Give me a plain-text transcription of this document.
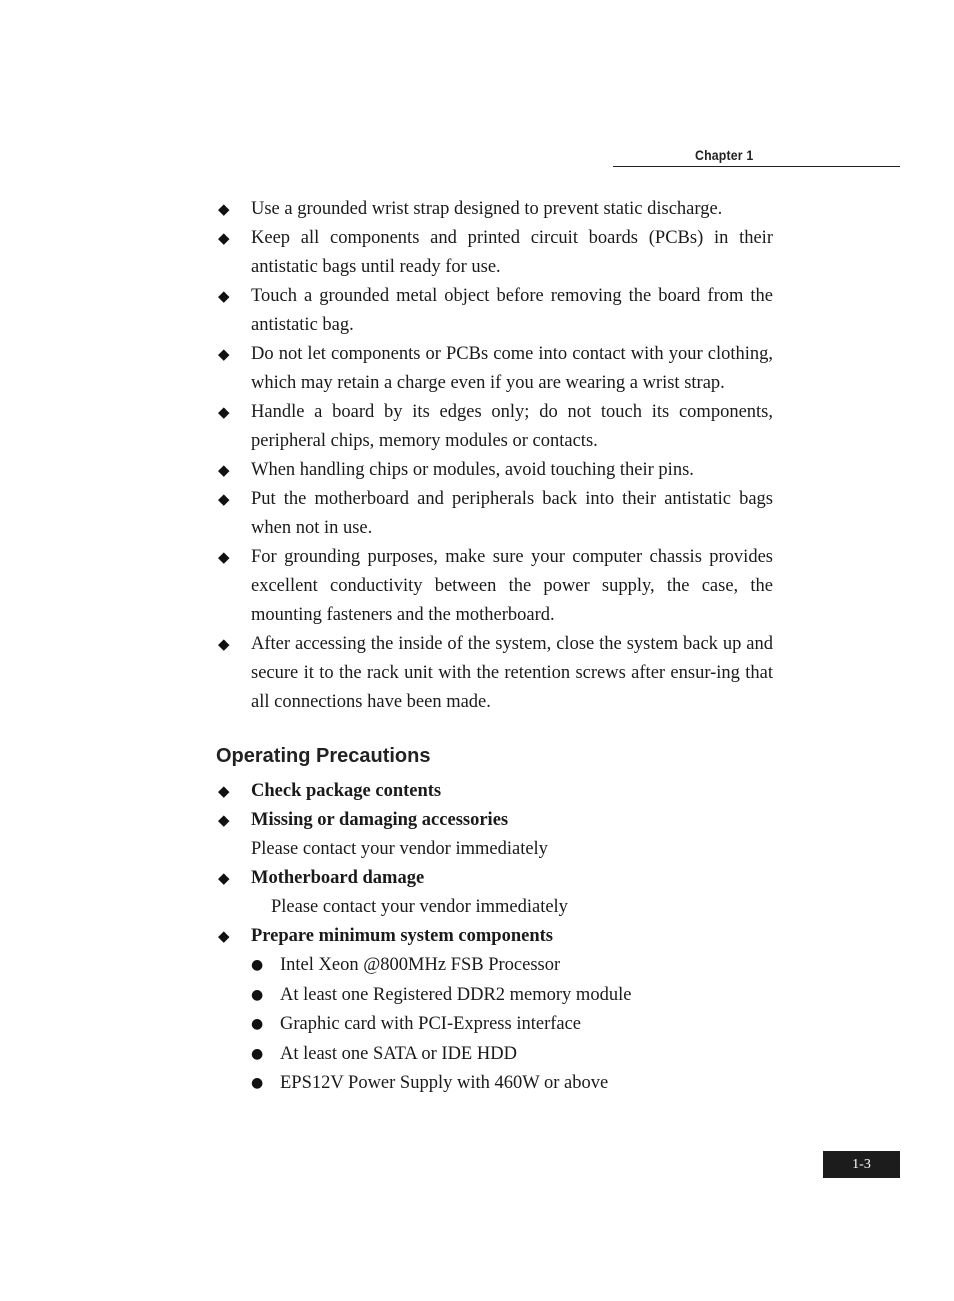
Chapter 1
◆ Use a grounded wrist strap designed to prevent static discharge.
◆ Keep all components and printed circuit boards (PCBs) in their antistatic bags until ready for use.
◆ Touch a grounded metal object before removing the board from the antistatic bag.
◆ Do not let components or PCBs come into contact with your clothing, which may retain a charge even if you are wearing a wrist strap.
◆ Handle a board by its edges only; do not touch its components, peripheral chips, memory modules or contacts.
◆ When handling chips or modules, avoid touching their pins.
◆ Put the motherboard and peripherals back into their antistatic bags when not in use.
◆ For grounding purposes, make sure your computer chassis provides excellent conductivity between the power supply, the case, the mounting fasteners and the motherboard.
◆ After accessing the inside of the system, close the system back up and secure it to the rack unit with the retention screws after ensur-ing that all connections have been made.
Operating Precautions
◆ Check package contents
◆ Missing or damaging accessories
Please contact your vendor immediately
◆ Motherboard damage
Please contact your vendor immediately
◆ Prepare minimum system components
● Intel Xeon @800MHz FSB Processor
● At least one Registered DDR2 memory module
● Graphic card with PCI-Express interface
● At least one SATA or IDE HDD
● EPS12V Power Supply with 460W or above
1-3
